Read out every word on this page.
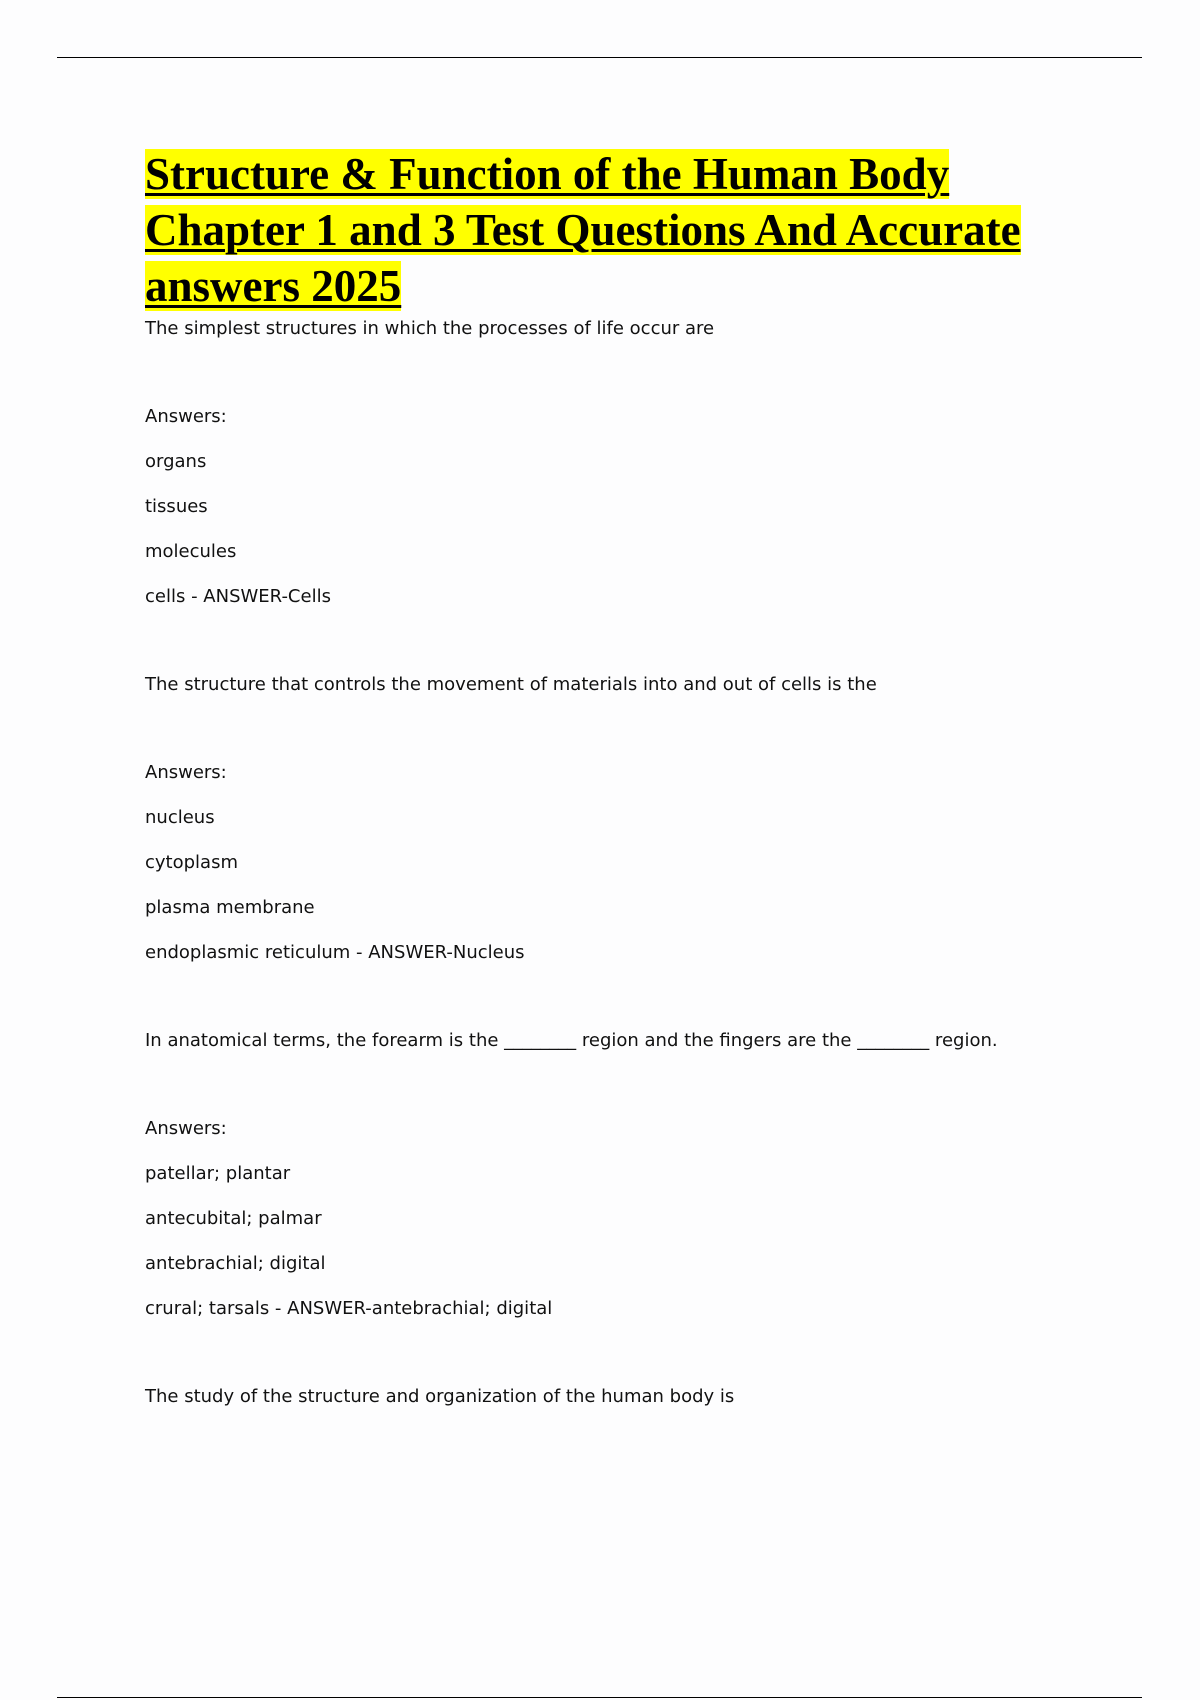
Structure & Function of the Human Body
Chapter 1 and 3 Test Questions And Accurate
answers 2025

The simplest structures in which the processes of life occur are

Answers:

organs

tissues

molecules

cells - ANSWER-Cells

The structure that controls the movement of materials into and out of cells is the

Answers:

nucleus

cytoplasm

plasma membrane

endoplasmic reticulum - ANSWER-Nucleus

In anatomical terms, the forearm is the ________ region and the fingers are the ________ region.

Answers:

patellar; plantar

antecubital; palmar

antebrachial; digital

crural; tarsals - ANSWER-antebrachial; digital

The study of the structure and organization of the human body is
